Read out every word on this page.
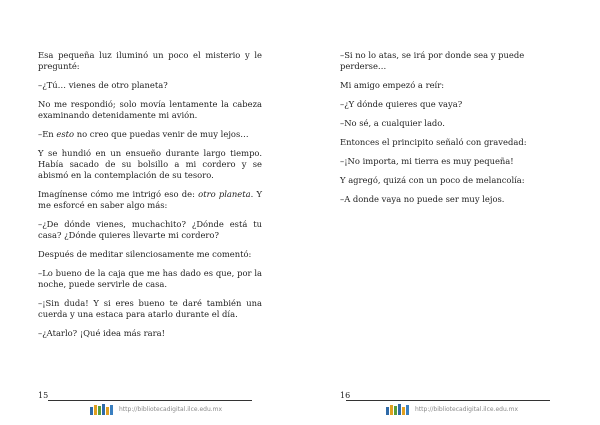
Esa pequeña luz iluminó un poco el misterio y le pregunté:

–¿Tú… vienes de otro planeta?

No me respondió; solo movía lentamente la cabeza examinando detenidamente mi avión.

–En esto no creo que puedas venir de muy lejos…

Y se hundió en un ensueño durante largo tiempo. Había sacado de su bolsillo a mi cordero y se abismó en la contemplación de su tesoro.

Imagínense cómo me intrigó eso de: otro planeta. Y me esforcé en saber algo más:

–¿De dónde vienes, muchachito? ¿Dónde está tu casa? ¿Dónde quieres llevarte mi cordero?

Después de meditar silenciosamente me comentó:

–Lo bueno de la caja que me has dado es que, por la noche, puede servirle de casa.

–¡Sin duda! Y si eres bueno te daré también una cuerda y una estaca para atarlo durante el día.

–¿Atarlo? ¡Qué idea más rara!

15
http://bibliotecadigital.ilce.edu.mx

–Si no lo atas, se irá por donde sea y puede perderse…

Mi amigo empezó a reír:

–¿Y dónde quieres que vaya?

–No sé, a cualquier lado.

Entonces el principito señaló con gravedad:

–¡No importa, mi tierra es muy pequeña!

Y agregó, quizá con un poco de melancolía:

–A donde vaya no puede ser muy lejos.

16
http://bibliotecadigital.ilce.edu.mx
